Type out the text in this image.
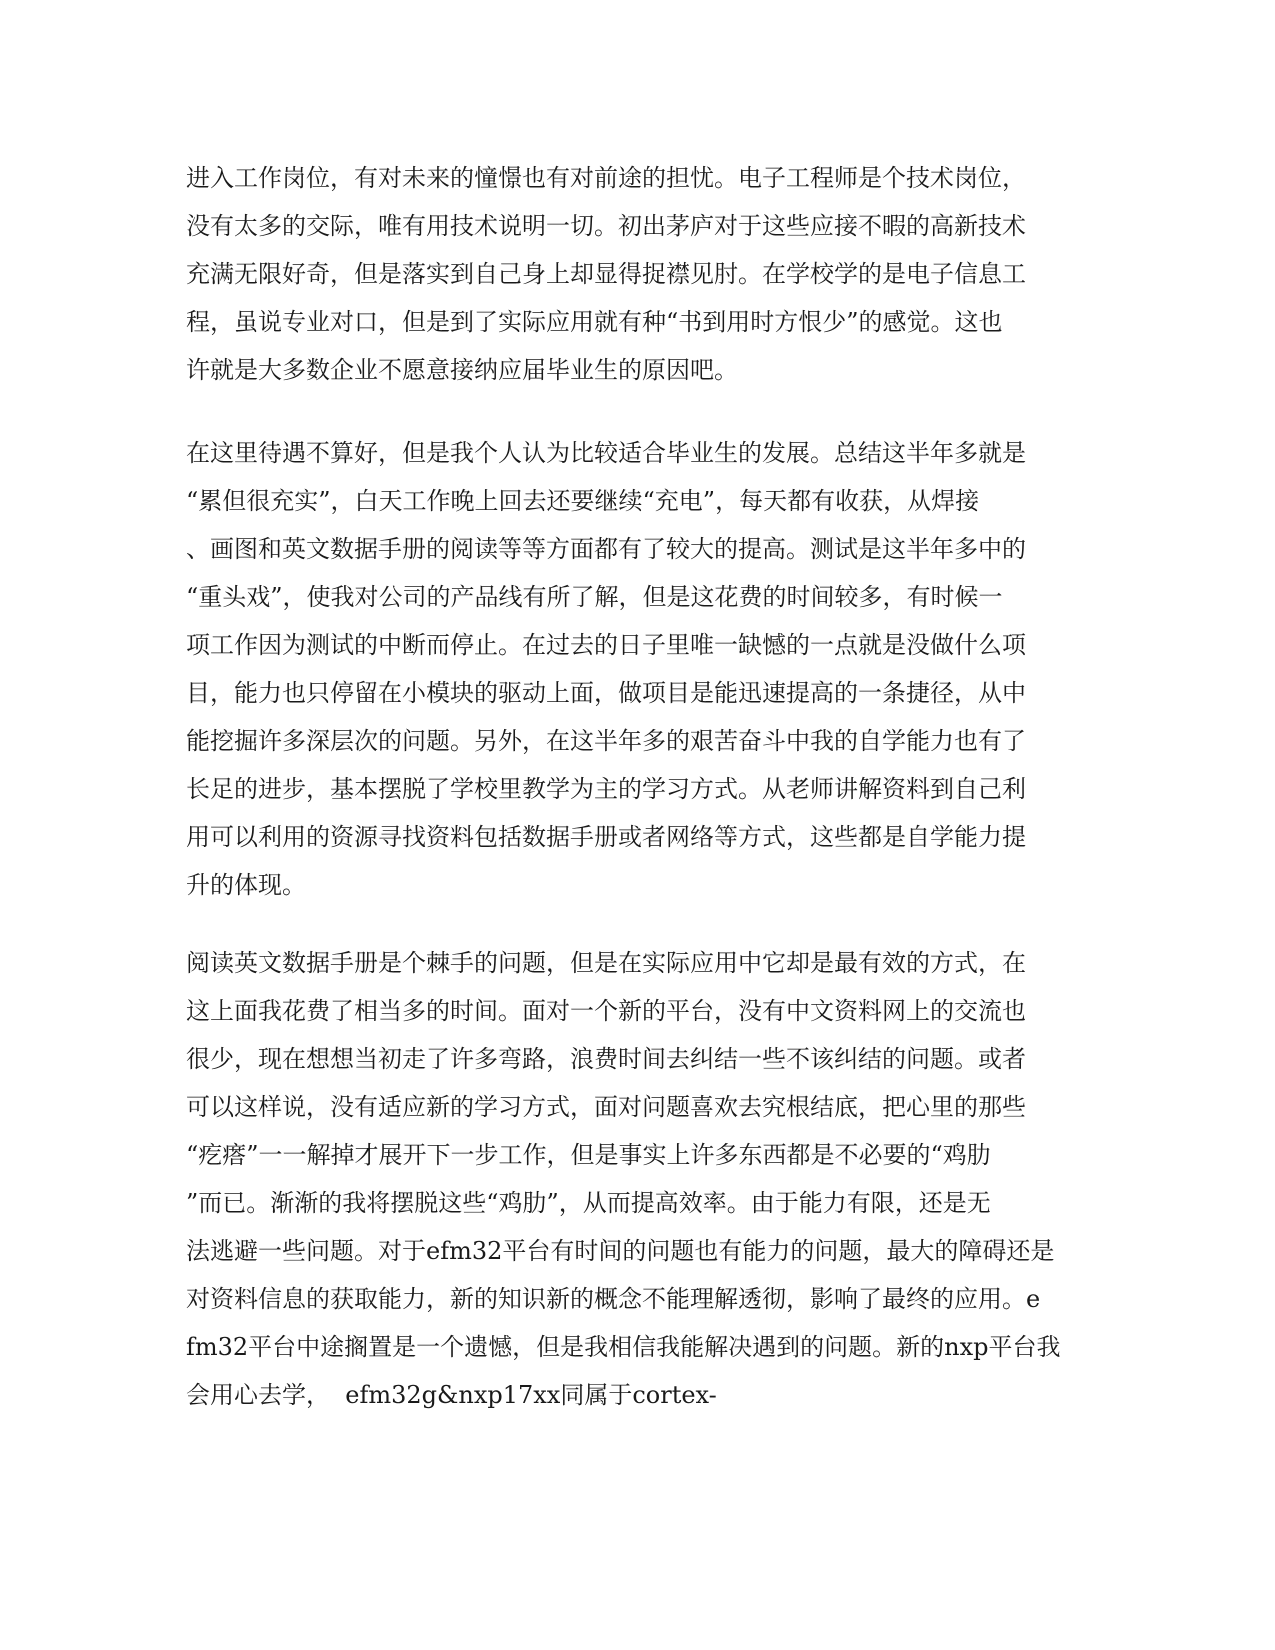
进入工作岗位，有对未来的憧憬也有对前途的担忧。电子工程师是个技术岗位，
没有太多的交际，唯有用技术说明一切。初出茅庐对于这些应接不暇的高新技术
充满无限好奇，但是落实到自己身上却显得捉襟见肘。在学校学的是电子信息工
程，虽说专业对口，但是到了实际应用就有种“书到用时方恨少”的感觉。这也
许就是大多数企业不愿意接纳应届毕业生的原因吧。
在这里待遇不算好，但是我个人认为比较适合毕业生的发展。总结这半年多就是
“累但很充实”，白天工作晚上回去还要继续“充电”，每天都有收获，从焊接
、画图和英文数据手册的阅读等等方面都有了较大的提高。测试是这半年多中的
“重头戏”，使我对公司的产品线有所了解，但是这花费的时间较多，有时候一
项工作因为测试的中断而停止。在过去的日子里唯一缺憾的一点就是没做什么项
目，能力也只停留在小模块的驱动上面，做项目是能迅速提高的一条捷径，从中
能挖掘许多深层次的问题。另外，在这半年多的艰苦奋斗中我的自学能力也有了
长足的进步，基本摆脱了学校里教学为主的学习方式。从老师讲解资料到自己利
用可以利用的资源寻找资料包括数据手册或者网络等方式，这些都是自学能力提
升的体现。
阅读英文数据手册是个棘手的问题，但是在实际应用中它却是最有效的方式，在
这上面我花费了相当多的时间。面对一个新的平台，没有中文资料网上的交流也
很少，现在想想当初走了许多弯路，浪费时间去纠结一些不该纠结的问题。或者
可以这样说，没有适应新的学习方式，面对问题喜欢去究根结底，把心里的那些
“疙瘩”一一解掉才展开下一步工作，但是事实上许多东西都是不必要的“鸡肋
”而已。渐渐的我将摆脱这些“鸡肋”，从而提高效率。由于能力有限，还是无
法逃避一些问题。对于efm32平台有时间的问题也有能力的问题，最大的障碍还是
对资料信息的获取能力，新的知识新的概念不能理解透彻，影响了最终的应用。e
fm32平台中途搁置是一个遗憾，但是我相信我能解决遇到的问题。新的nxp平台我
会用心去学，  efm32g&nxp17xx同属于cortex-
